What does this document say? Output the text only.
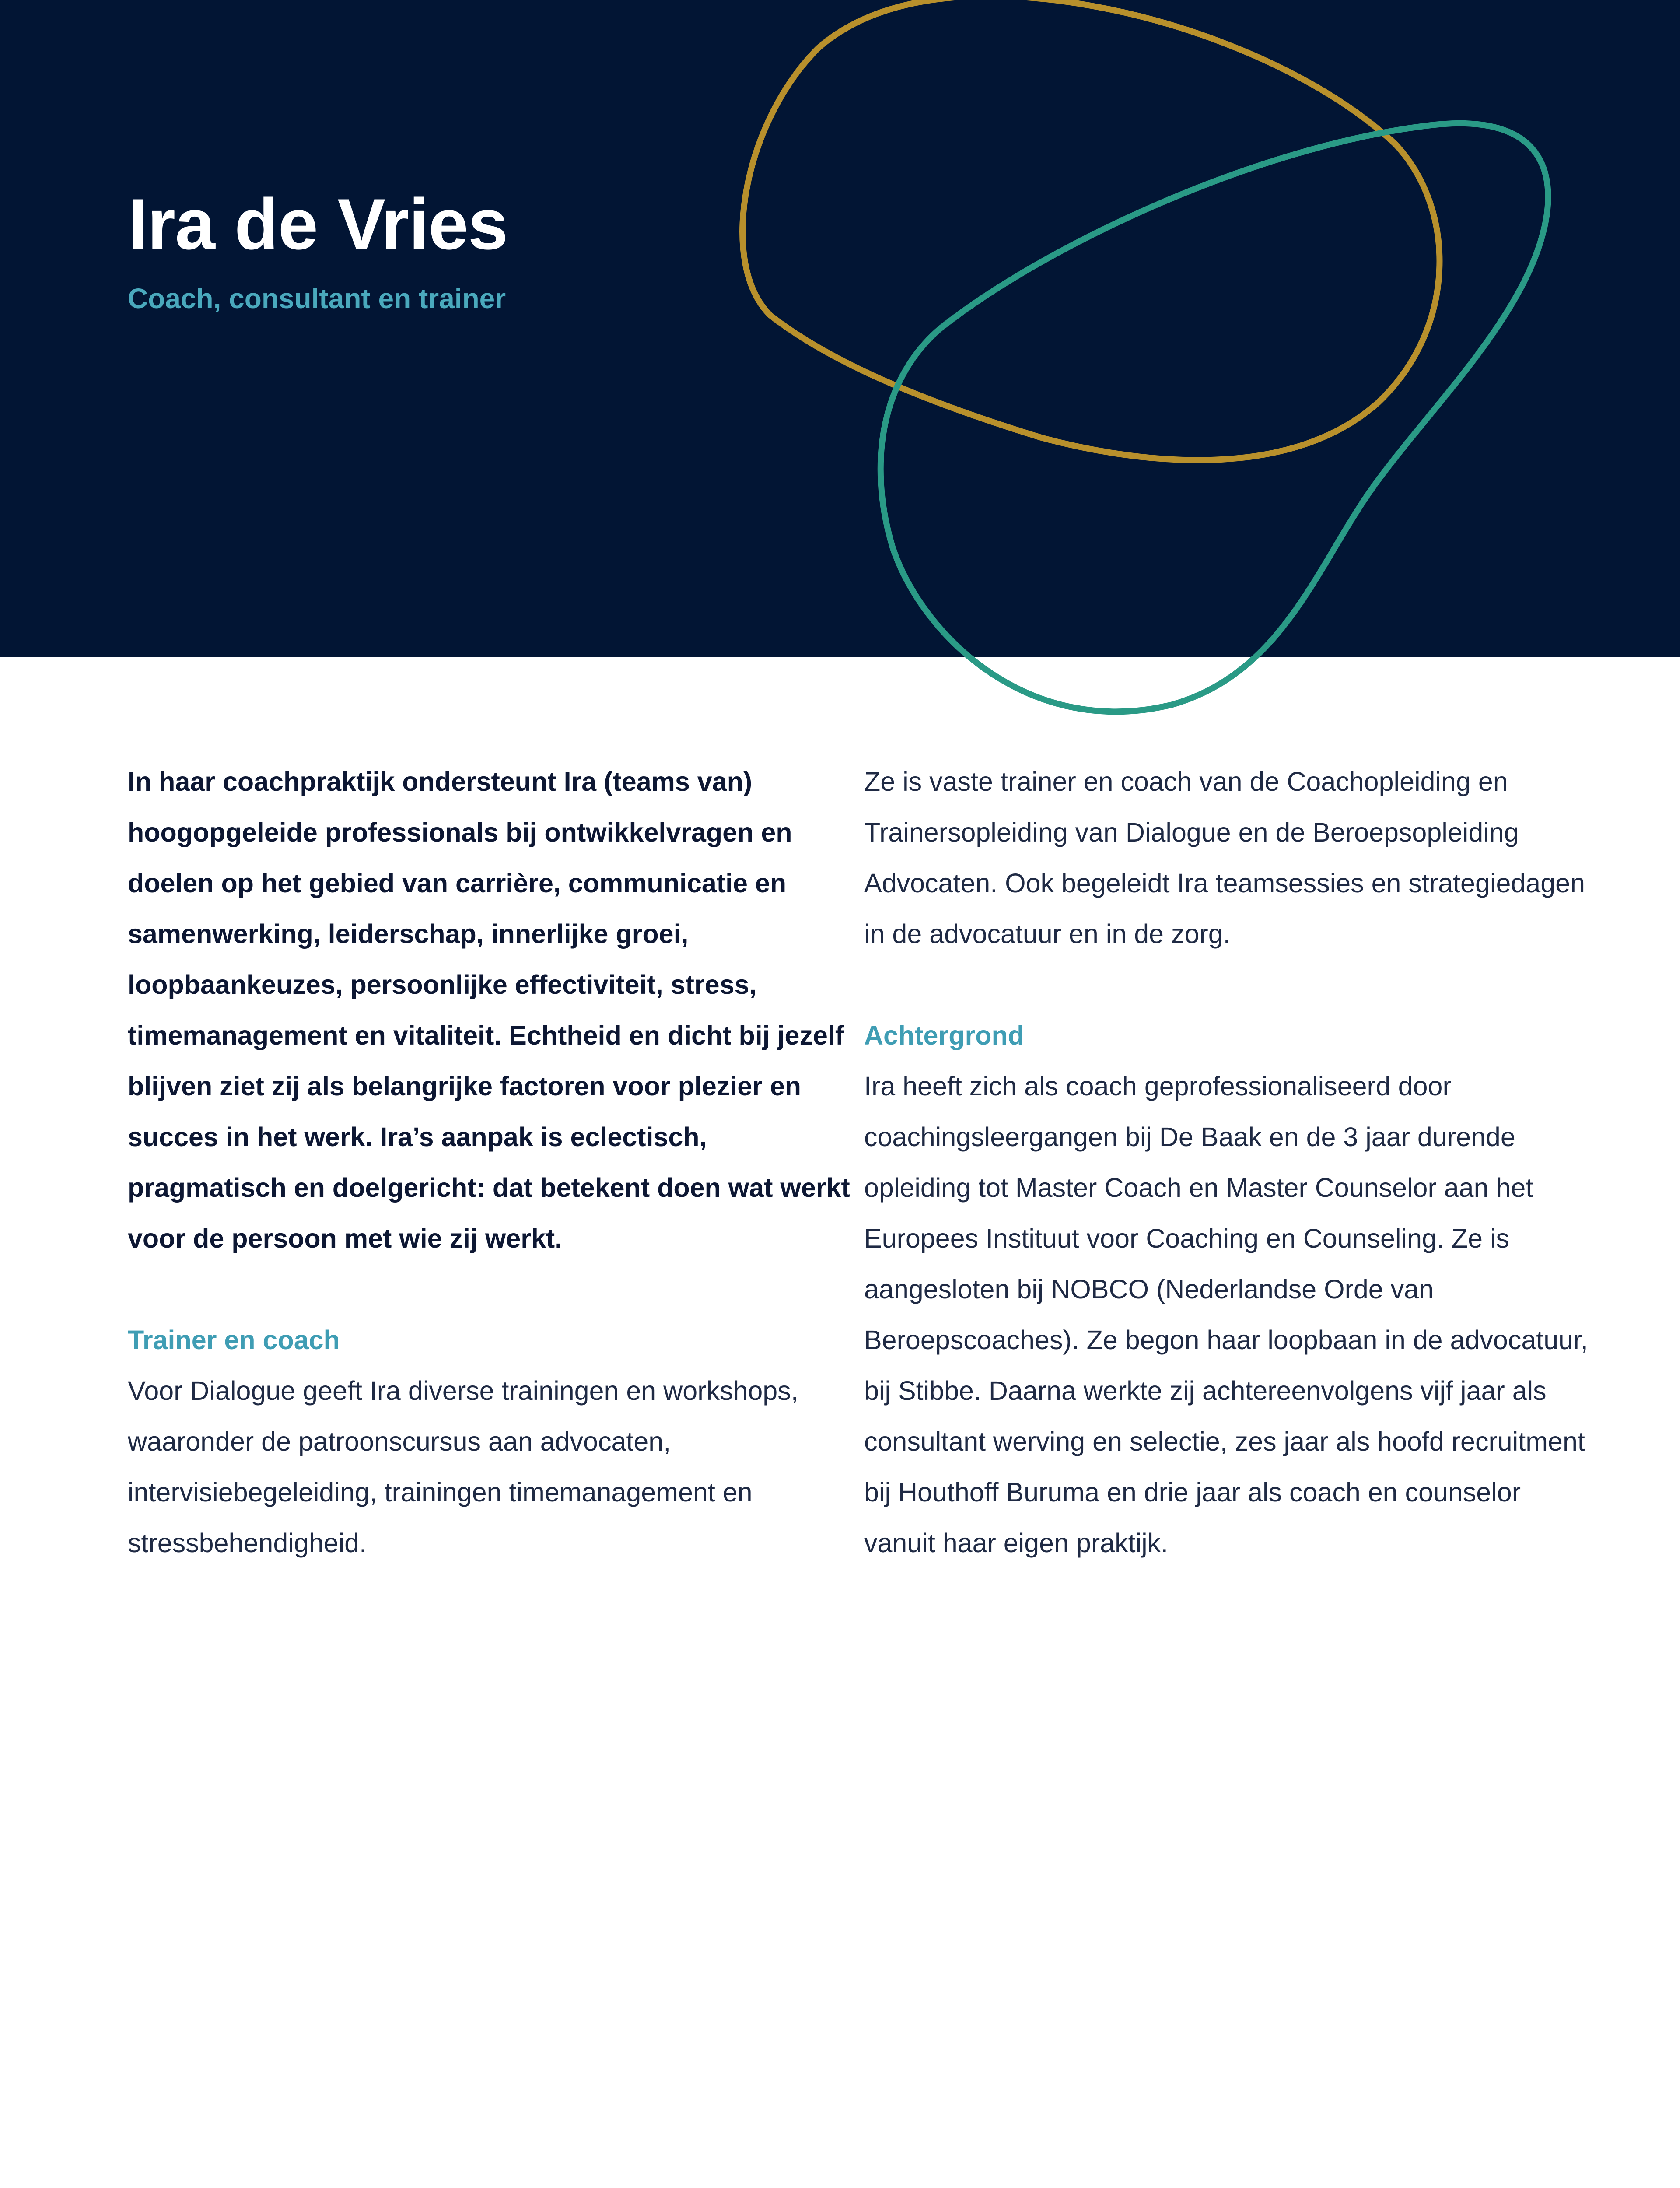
Ira de Vries
Coach, consultant en trainer

In haar coachpraktijk ondersteunt Ira (teams van) hoogopgeleide professionals bij ontwikkelvragen en doelen op het gebied van carrière, communicatie en samenwerking, leiderschap, innerlijke groei, loopbaankeuzes, persoonlijke effectiviteit, stress, timemanagement en vitaliteit. Echtheid en dicht bij jezelf blijven ziet zij als belangrijke factoren voor plezier en succes in het werk. Ira’s aanpak is eclectisch, pragmatisch en doelgericht: dat betekent doen wat werkt voor de persoon met wie zij werkt.

Trainer en coach

Voor Dialogue geeft Ira diverse trainingen en workshops, waaronder de patroonscursus aan advocaten, intervisiebegeleiding, trainingen timemanagement en stressbehendigheid.

Ze is vaste trainer en coach van de Coachopleiding en Trainersopleiding van Dialogue en de Beroepsopleiding Advocaten. Ook begeleidt Ira teamsessies en strategiedagen in de advocatuur en in de zorg.

Achtergrond

Ira heeft zich als coach geprofessionaliseerd door coachingsleergangen bij De Baak en de 3 jaar durende opleiding tot Master Coach en Master Counselor aan het Europees Instituut voor Coaching en Counseling. Ze is aangesloten bij NOBCO (Nederlandse Orde van Beroepscoaches). Ze begon haar loopbaan in de advocatuur, bij Stibbe. Daarna werkte zij achtereenvolgens vijf jaar als consultant werving en selectie, zes jaar als hoofd recruitment bij Houthoff Buruma en drie jaar als coach en counselor vanuit haar eigen praktijk.
